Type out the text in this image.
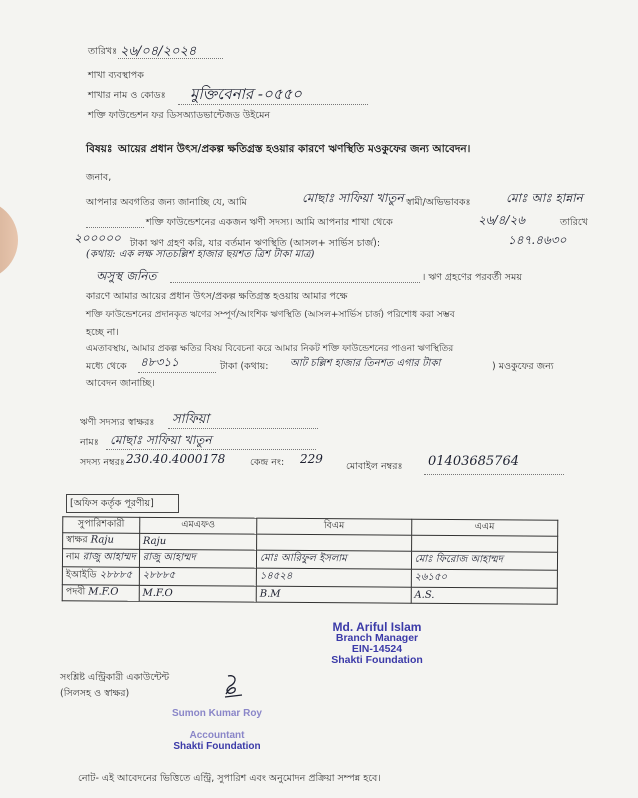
তারিখঃ ২৬/০৪/২০২৪
শাখা ব্যবস্থাপক
শাখার নাম ও কোডঃ মুক্তিবেনার -০৫৫০
শক্তি ফাউন্ডেশন ফর ডিসঅ্যাডভান্টেজড উইমেন
বিষয়ঃ আয়ের প্রধান উৎস/প্রকল্প ক্ষতিগ্রস্ত হওয়ার কারণে ঋণস্থিতি মওকুফের জন্য আবেদন।
জনাব,
আপনার অবগতির জন্য জানাচ্ছি যে, আমি	মোছাঃ সাফিয়া খাতুন স্বামী/অভিভাবকঃ	মোঃ আঃ হান্নান
শক্তি ফাউন্ডেশনের একজন ঋণী সদস্য। আমি আপনার শাখা থেকে	২৬/৪/২৬	তারিখে
২০০০০০ টাকা ঋণ গ্রহণ করি, যার বর্তমান ঋণস্থিতি (আসল+ সার্ভিস চার্জ):	১৪৭.৪৬৩০
(কথায়: এক লক্ষ সাতচল্লিশ হাজার ছয়শত ত্রিশ টাকা মাত্র)
অসুস্থ জনিত	। ঋণ গ্রহণের পরবর্তী সময়
কারণে আমার আয়ের প্রধান উৎস/প্রকল্প ক্ষতিগ্রস্ত হওয়ায় আমার পক্ষে
শক্তি ফাউন্ডেশনের প্রদানকৃত ঋণের সম্পূর্ণ/আংশিক ঋণস্থিতি (আসল+সার্ভিস চার্জ) পরিশোধ করা সম্ভব
হচ্ছে না।
এমতাবস্থায়, আমার প্রকল্প ক্ষতির বিষয় বিবেচনা করে আমার নিকট শক্তি ফাউন্ডেশনের পাওনা ঋণস্থিতির
মধ্যে থেকে ৪৮৩১১	টাকা (কথায়: আট চল্লিশ হাজার তিনশত এগার টাকা	) মওকুফের জন্য
আবেদন জানাচ্ছি।
ঋণী সদস্যর স্বাক্ষরঃ সাফিয়া
নামঃ মোছাঃ সাফিয়া খাতুন
সদস্য নম্বরঃ 230.40.4000178	কেন্দ্র নং: 229
মোবাইল নম্বরঃ 01403685764
[অফিস কর্তৃক পূরণীয়]
সুপারিশকারী	এমএফও	বিএম	এএম
স্বাক্ষর Raju	Raju		
নাম রাজু আহাম্মদ	রাজু আহাম্মদ	মোঃ আরিফুল ইসলাম	মোঃ ফিরোজ আহাম্মদ
ইআইডি ২৮৮৮৫	২৮৮৮৫	১৪৫২৪	২৬১৫০
পদবী M.F.O	M.F.O	B.M	A.S.
Md. Ariful Islam
Branch Manager
EIN-14524
Shakti Foundation
সংশ্লিষ্ট এন্ট্রিকারী একাউন্টেন্ট
(সিলসহ ও স্বাক্ষর)
Sumon Kumar Roy

Accountant
Shakti Foundation
নোট- এই আবেদনের ভিত্তিতে এন্ট্রি, সুপারিশ এবং অনুমোদন প্রক্রিয়া সম্পন্ন হবে।
